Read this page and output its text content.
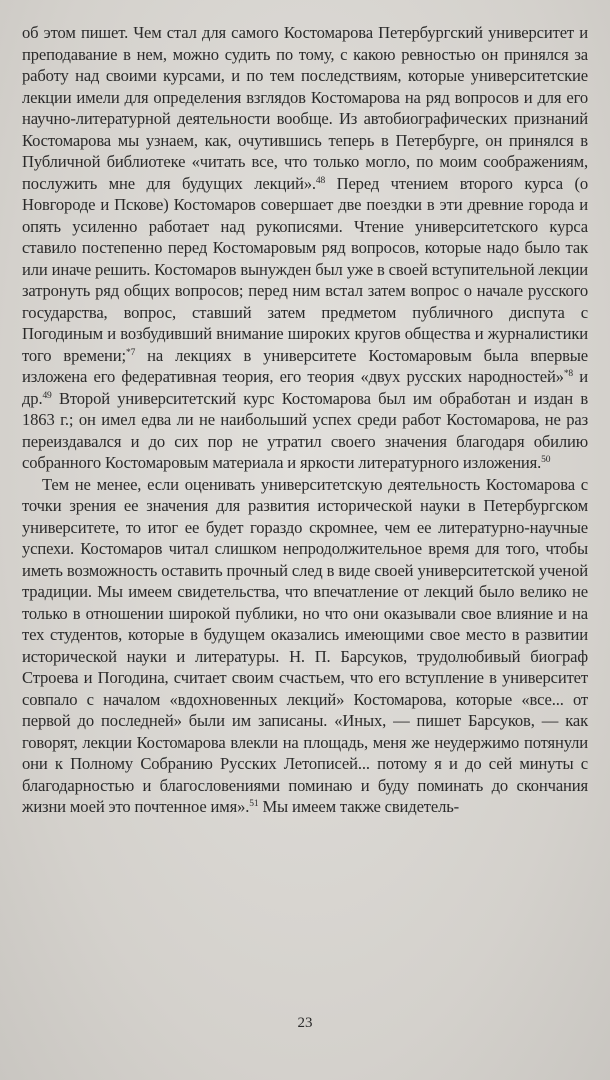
об этом пишет. Чем стал для самого Костомарова Петербургский университет и преподавание в нем, можно судить по тому, с какою ревностью он принялся за работу над своими курсами, и по тем последствиям, которые университетские лекции имели для определения взглядов Костомарова на ряд вопросов и для его научно-литературной деятельности вообще. Из автобиографических признаний Костомарова мы узнаем, как, очутившись теперь в Петербурге, он принялся в Публичной библиотеке «читать все, что только могло, по моим соображениям, послужить мне для будущих лекций».$^{48}$ Перед чтением второго курса (о Новгороде и Пскове) Костомаров совершает две поездки в эти древние города и опять усиленно работает над рукописями. Чтение университетского курса ставило постепенно перед Костомаровым ряд вопросов, которые надо было так или иначе решить. Костомаров вынужден был уже в своей вступительной лекции затронуть ряд общих вопросов; перед ним встал затем вопрос о начале русского государства, вопрос, ставший затем предметом публичного диспута с Погодиным и возбудивший внимание широких кругов общества и журналистики того времени;$^{*7}$ на лекциях в университете Костомаровым была впервые изложена его федеративная теория, его теория «двух русских народностей»$^{*8}$ и др.$^{49}$ Второй университетский курс Костомарова был им обработан и издан в 1863 г.; он имел едва ли не наибольший успех среди работ Костомарова, не раз переиздавался и до сих пор не утратил своего значения благодаря обилию собранного Костомаровым материала и яркости литературного изложения.$^{50}$

Тем не менее, если оценивать университетскую деятельность Костомарова с точки зрения ее значения для развития исторической науки в Петербургском университете, то итог ее будет гораздо скромнее, чем ее литературно-научные успехи. Костомаров читал слишком непродолжительное время для того, чтобы иметь возможность оставить прочный след в виде своей университетской ученой традиции. Мы имеем свидетельства, что впечатление от лекций было велико не только в отношении широкой публики, но что они оказывали свое влияние и на тех студентов, которые в будущем оказались имеющими свое место в развитии исторической науки и литературы. Н. П. Барсуков, трудолюбивый биограф Строева и Погодина, считает своим счастьем, что его вступление в университет совпало с началом «вдохновенных лекций» Костомарова, которые «все... от первой до последней» были им записаны. «Иных, — пишет Барсуков, — как говорят, лекции Костомарова влекли на площадь, меня же неудержимо потянули они к Полному Собранию Русских Летописей... потому я и до сей минуты с благодарностью и благословениями поминаю и буду поминать до скончания жизни моей это почтенное имя».$^{51}$ Мы имеем также свидетель-

23
